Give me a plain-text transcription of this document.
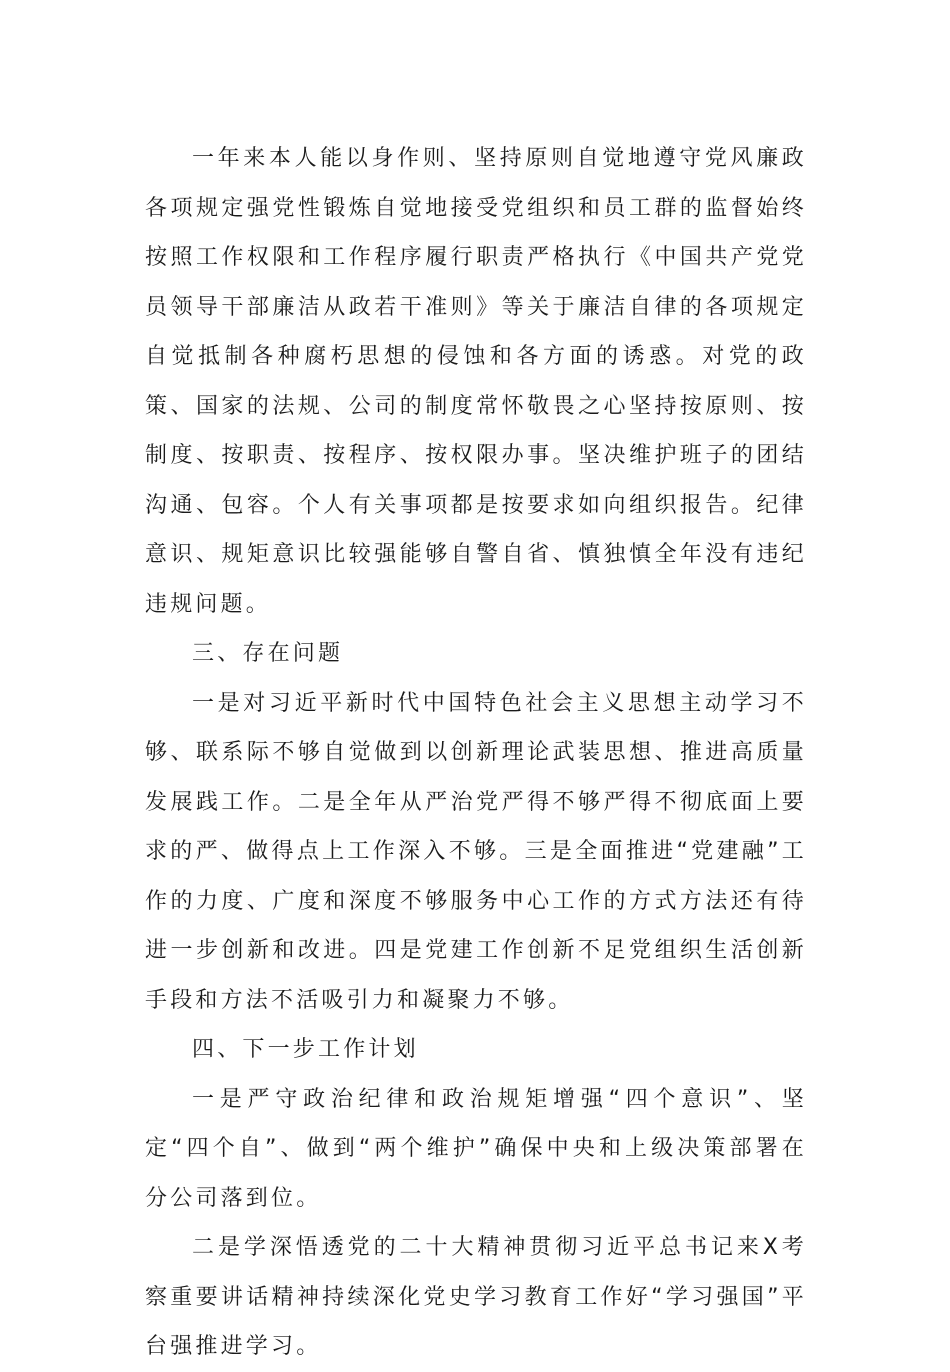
一年来本人能以身作则、坚持原则自觉地遵守党风廉政各项规定强党性锻炼自觉地接受党组织和员工群的监督始终按照工作权限和工作程序履行职责严格执行《中国共产党党员领导干部廉洁从政若干准则》等关于廉洁自律的各项规定自觉抵制各种腐朽思想的侵蚀和各方面的诱惑。对党的政策、国家的法规、公司的制度常怀敬畏之心坚持按原则、按制度、按职责、按程序、按权限办事。坚决维护班子的团结沟通、包容。个人有关事项都是按要求如向组织报告。纪律意识、规矩意识比较强能够自警自省、慎独慎全年没有违纪违规问题。

三、存在问题

一是对习近平新时代中国特色社会主义思想主动学习不够、联系际不够自觉做到以创新理论武装思想、推进高质量发展践工作。二是全年从严治党严得不够严得不彻底面上要求的严、做得点上工作深入不够。三是全面推进“党建融”工作的力度、广度和深度不够服务中心工作的方式方法还有待进一步创新和改进。四是党建工作创新不足党组织生活创新手段和方法不活吸引力和凝聚力不够。

四、下一步工作计划

一是严守政治纪律和政治规矩增强“四个意识”、坚定“四个自”、做到“两个维护”确保中央和上级决策部署在分公司落到位。

二是学深悟透党的二十大精神贯彻习近平总书记来X考察重要讲话精神持续深化党史学习教育工作好“学习强国”平台强推进学习。
